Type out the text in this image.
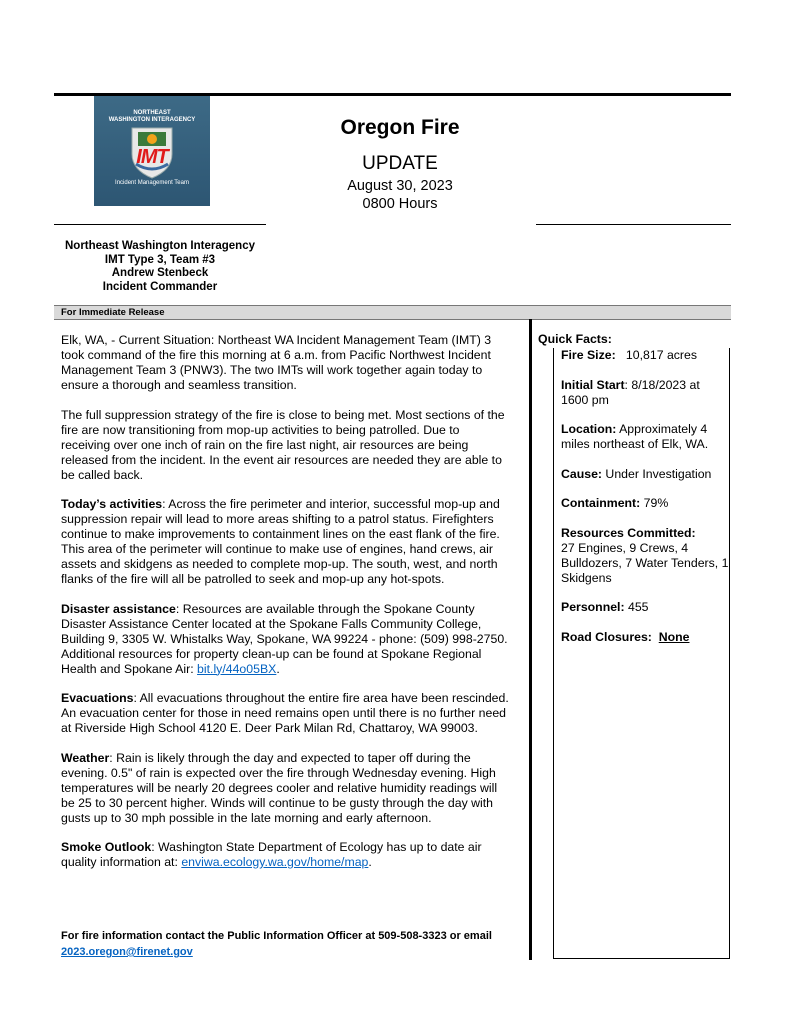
NORTHEAST
WASHINGTON INTERAGENCY
IMT
Incident Management Team
Oregon Fire
UPDATE
August 30, 2023
0800 Hours
Northeast Washington Interagency
IMT Type 3, Team #3
Andrew Stenbeck
Incident Commander
For Immediate Release

Elk, WA, - Current Situation: Northeast WA Incident Management Team (IMT) 3 took command of the fire this morning at 6 a.m. from Pacific Northwest Incident Management Team 3 (PNW3). The two IMTs will work together again today to ensure a thorough and seamless transition.

The full suppression strategy of the fire is close to being met. Most sections of the fire are now transitioning from mop-up activities to being patrolled. Due to receiving over one inch of rain on the fire last night, air resources are being released from the incident. In the event air resources are needed they are able to be called back.

Today’s activities: Across the fire perimeter and interior, successful mop-up and suppression repair will lead to more areas shifting to a patrol status. Firefighters continue to make improvements to containment lines on the east flank of the fire. This area of the perimeter will continue to make use of engines, hand crews, air assets and skidgens as needed to complete mop-up. The south, west, and north flanks of the fire will all be patrolled to seek and mop-up any hot-spots.

Disaster assistance: Resources are available through the Spokane County Disaster Assistance Center located at the Spokane Falls Community College, Building 9, 3305 W. Whistalks Way, Spokane, WA 99224 - phone: (509) 998-2750. Additional resources for property clean-up can be found at Spokane Regional Health and Spokane Air: bit.ly/44o05BX.

Evacuations: All evacuations throughout the entire fire area have been rescinded. An evacuation center for those in need remains open until there is no further need at Riverside High School 4120 E. Deer Park Milan Rd, Chattaroy, WA 99003.

Weather: Rain is likely through the day and expected to taper off during the evening. 0.5" of rain is expected over the fire through Wednesday evening. High temperatures will be nearly 20 degrees cooler and relative humidity readings will be 25 to 30 percent higher. Winds will continue to be gusty through the day with gusts up to 30 mph possible in the late morning and early afternoon.

Smoke Outlook: Washington State Department of Ecology has up to date air quality information at: enviwa.ecology.wa.gov/home/map.

For fire information contact the Public Information Officer at 509-508-3323 or email 2023.oregon@firenet.gov
Quick Facts:

Fire Size: 10,817 acres

Initial Start: 8/18/2023 at 1600 pm

Location: Approximately 4 miles northeast of Elk, WA.

Cause: Under Investigation

Containment: 79%

Resources Committed:
27 Engines, 9 Crews, 4 Bulldozers, 7 Water Tenders, 1 Skidgens

Personnel: 455

Road Closures: None
